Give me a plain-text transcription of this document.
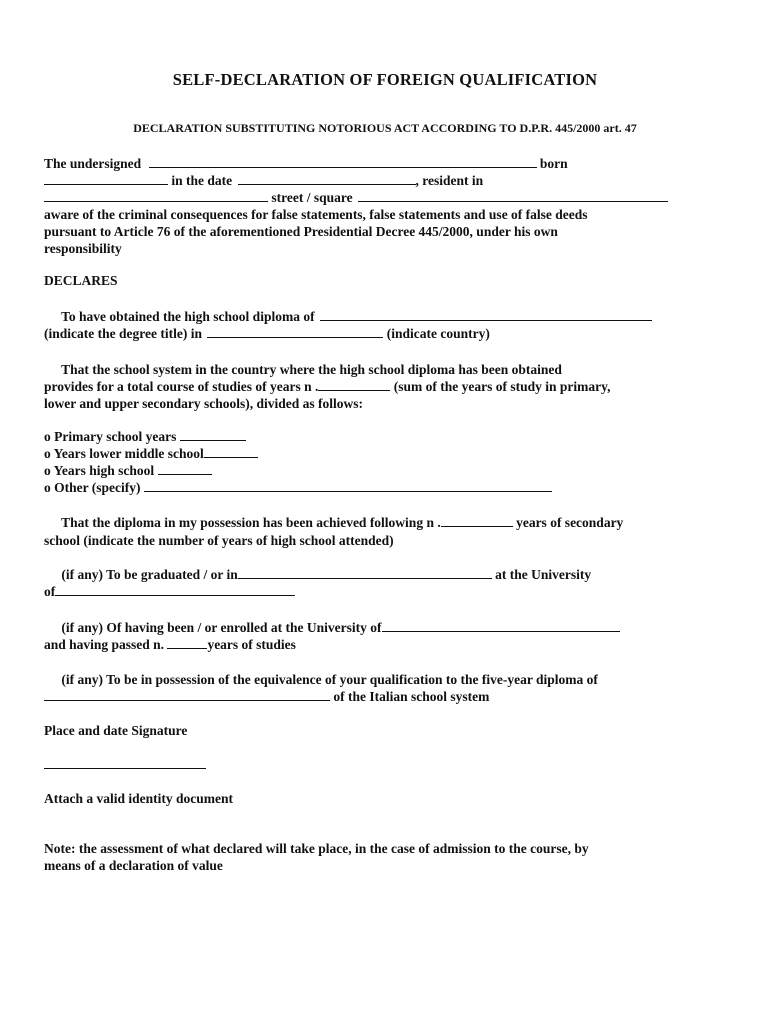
SELF-DECLARATION OF FOREIGN QUALIFICATION
DECLARATION SUBSTITUTING NOTORIOUS ACT ACCORDING TO D.P.R. 445/2000 art. 47
The undersigned	born
in the date	, resident in
street / square
aware of the criminal consequences for false statements, false statements and use of false deeds
pursuant to Article 76 of the aforementioned Presidential Decree 445/2000, under his own
responsibility
DECLARES
To have obtained the high school diploma of
(indicate the degree title) in	(indicate country)
That the school system in the country where the high school diploma has been obtained
provides for a total course of studies of years n .	(sum of the years of study in primary,
lower and upper secondary schools), divided as follows:
o Primary school years
o Years lower middle school
o Years high school
o Other (specify)
That the diploma in my possession has been achieved following n .	years of secondary
school (indicate the number of years of high school attended)
(if any) To be graduated / or in	at the University
of
(if any) Of having been / or enrolled at the University of
and having passed n.	years of studies
(if any) To be in possession of the equivalence of your qualification to the five-year diploma of
of the Italian school system
Place and date Signature
Attach a valid identity document
Note: the assessment of what declared will take place, in the case of admission to the course, by
means of a declaration of value
